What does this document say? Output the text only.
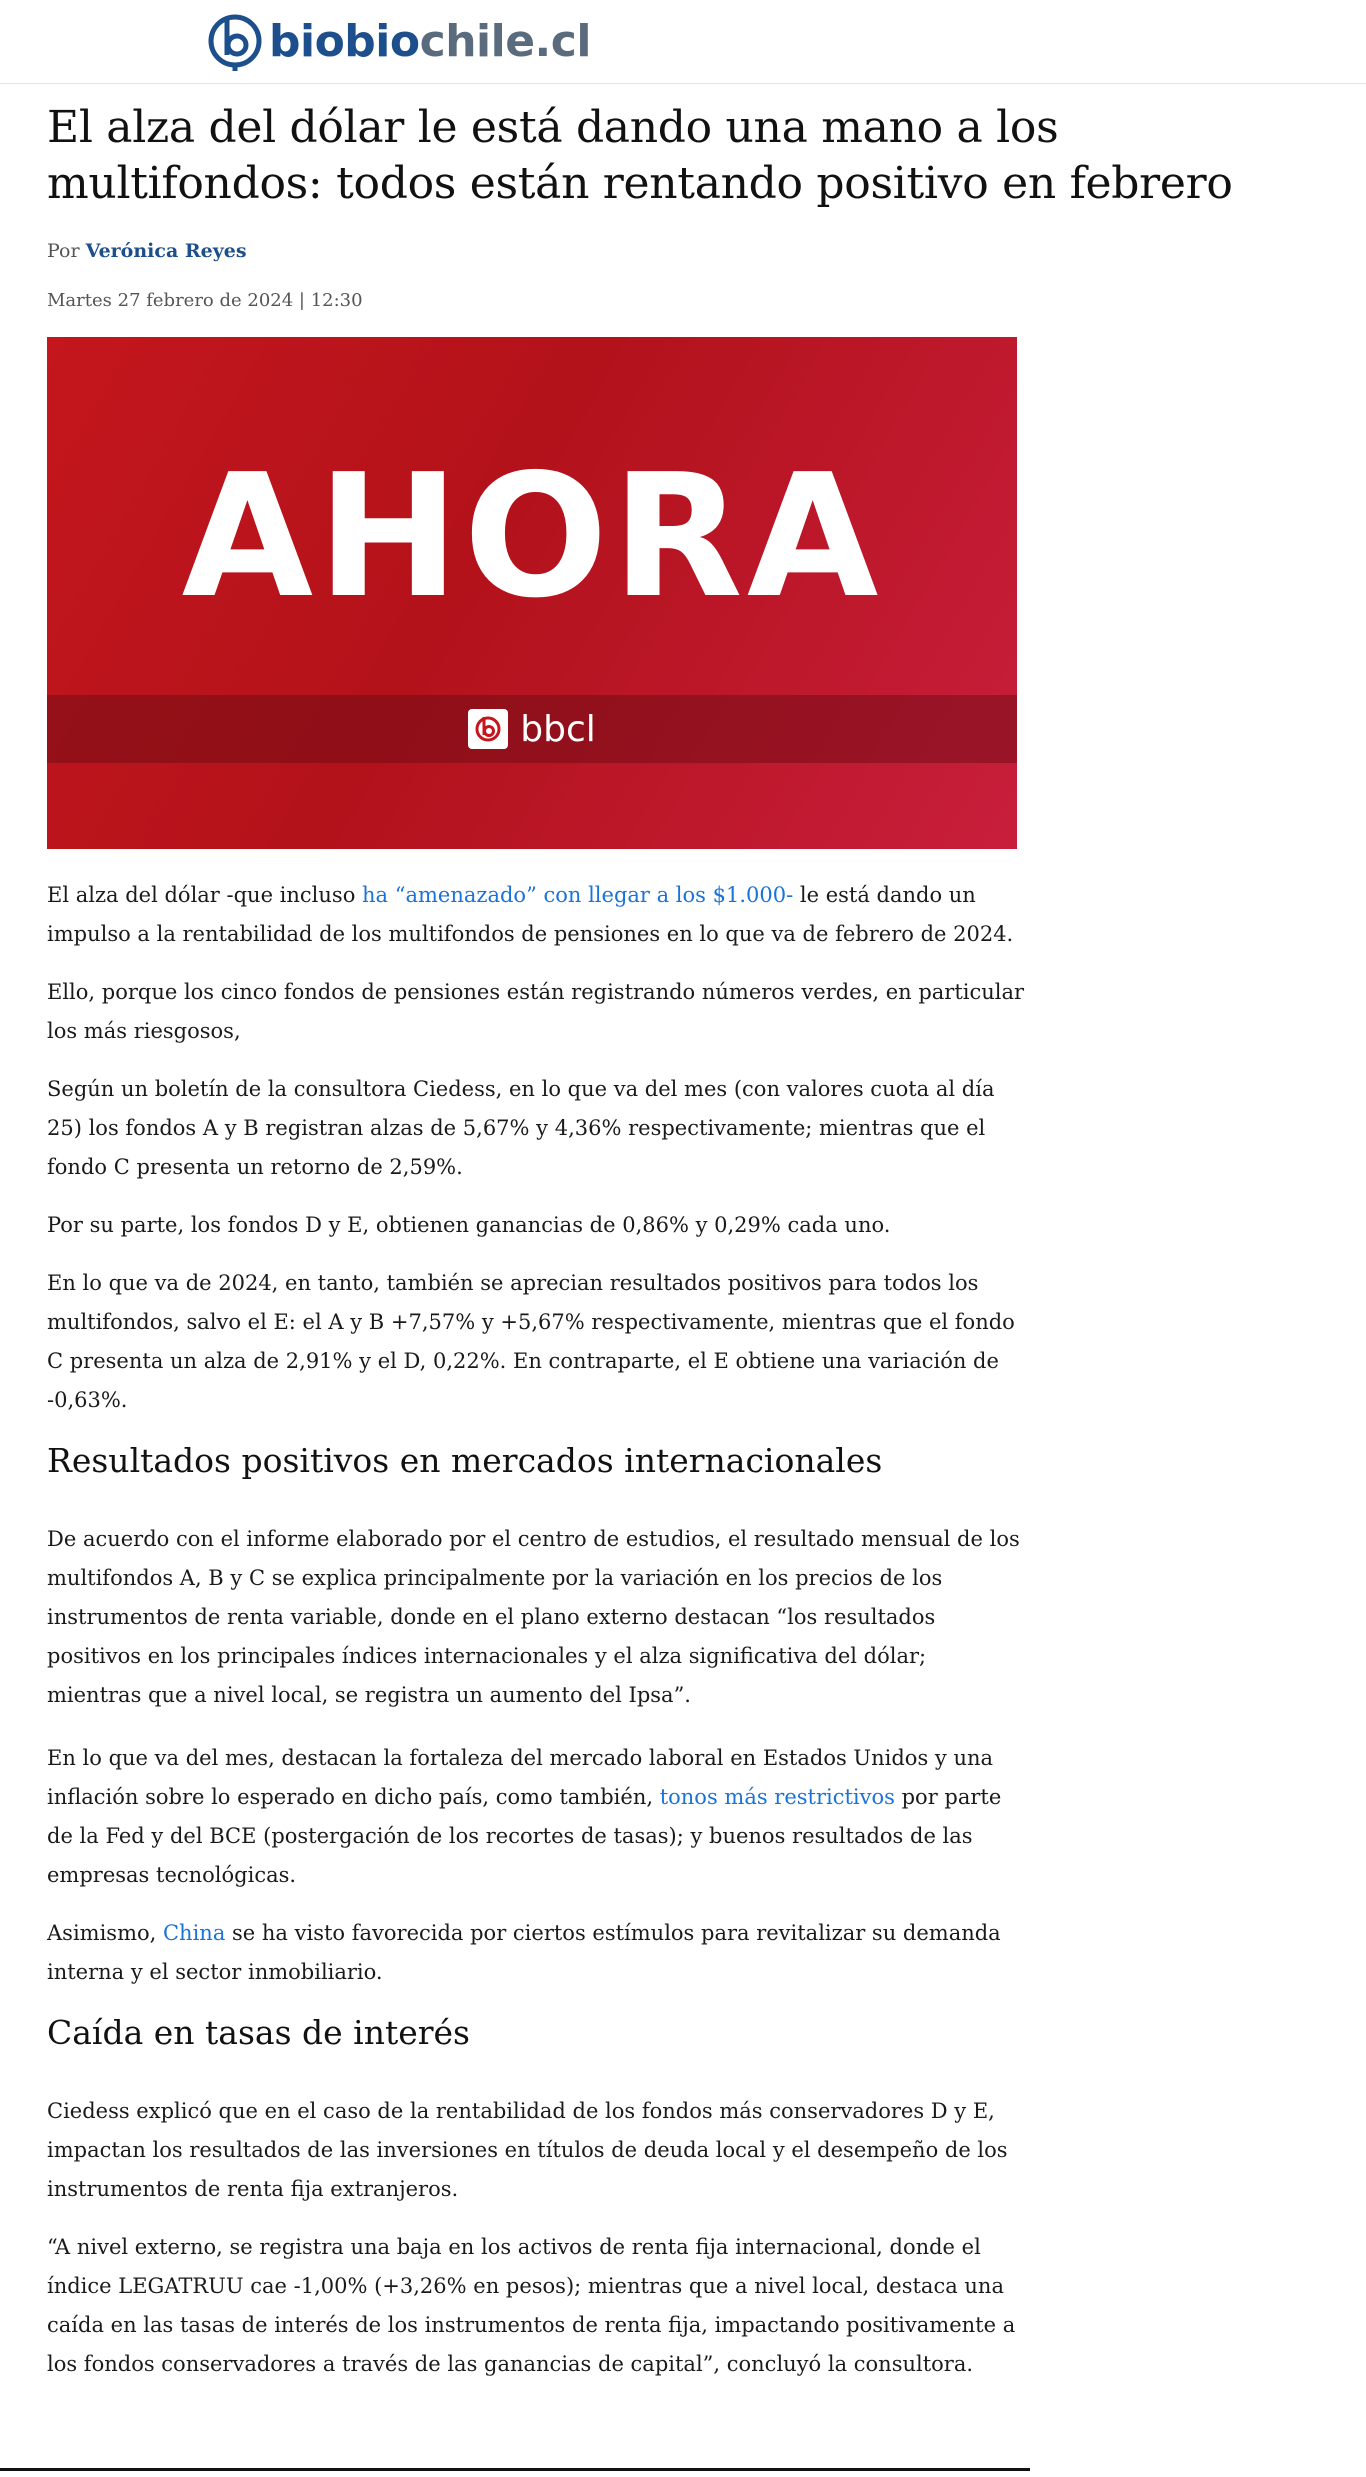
biobiochile.cl
El alza del dólar le está dando una mano a los multifondos: todos están rentando positivo en febrero
Por Verónica Reyes
Martes 27 febrero de 2024 | 12:30
AHORA
bbcl

El alza del dólar -que incluso ha “amenazado” con llegar a los $1.000- le está dando un impulso a la rentabilidad de los multifondos de pensiones en lo que va de febrero de 2024.

Ello, porque los cinco fondos de pensiones están registrando números verdes, en particular los más riesgosos,

Según un boletín de la consultora Ciedess, en lo que va del mes (con valores cuota al día 25) los fondos A y B registran alzas de 5,67% y 4,36% respectivamente; mientras que el fondo C presenta un retorno de 2,59%.

Por su parte, los fondos D y E, obtienen ganancias de 0,86% y 0,29% cada uno.

En lo que va de 2024, en tanto, también se aprecian resultados positivos para todos los multifondos, salvo el E: el A y B +7,57% y +5,67% respectivamente, mientras que el fondo C presenta un alza de 2,91% y el D, 0,22%. En contraparte, el E obtiene una variación de -0,63%.

Resultados positivos en mercados internacionales

De acuerdo con el informe elaborado por el centro de estudios, el resultado mensual de los multifondos A, B y C se explica principalmente por la variación en los precios de los instrumentos de renta variable, donde en el plano externo destacan “los resultados positivos en los principales índices internacionales y el alza significativa del dólar; mientras que a nivel local, se registra un aumento del Ipsa”.

En lo que va del mes, destacan la fortaleza del mercado laboral en Estados Unidos y una inflación sobre lo esperado en dicho país, como también, tonos más restrictivos por parte de la Fed y del BCE (postergación de los recortes de tasas); y buenos resultados de las empresas tecnológicas.

Asimismo, China se ha visto favorecida por ciertos estímulos para revitalizar su demanda interna y el sector inmobiliario.

Caída en tasas de interés

Ciedess explicó que en el caso de la rentabilidad de los fondos más conservadores D y E, impactan los resultados de las inversiones en títulos de deuda local y el desempeño de los instrumentos de renta fija extranjeros.

“A nivel externo, se registra una baja en los activos de renta fija internacional, donde el índice LEGATRUU cae -1,00% (+3,26% en pesos); mientras que a nivel local, destaca una caída en las tasas de interés de los instrumentos de renta fija, impactando positivamente a los fondos conservadores a través de las ganancias de capital”, concluyó la consultora.
